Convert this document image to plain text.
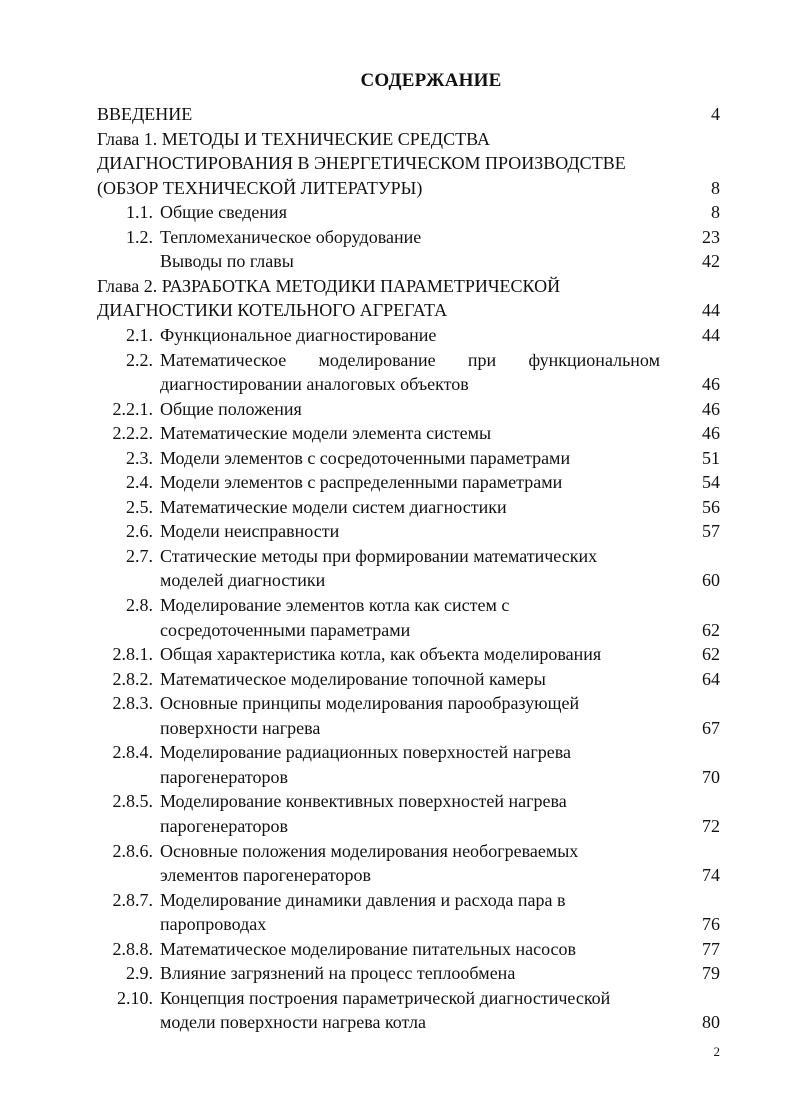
СОДЕРЖАНИЕ
ВВЕДЕНИЕ	4
Глава 1. МЕТОДЫ И ТЕХНИЧЕСКИЕ СРЕДСТВА
ДИАГНОСТИРОВАНИЯ В ЭНЕРГЕТИЧЕСКОМ ПРОИЗВОДСТВЕ
(ОБЗОР ТЕХНИЧЕСКОЙ ЛИТЕРАТУРЫ)	8
1.1. Общие сведения	8
1.2. Тепломеханическое оборудование	23
Выводы по главы	42
Глава 2. РАЗРАБОТКА МЕТОДИКИ ПАРАМЕТРИЧЕСКОЙ
ДИАГНОСТИКИ КОТЕЛЬНОГО АГРЕГАТА	44
2.1. Функциональное диагностирование	44
2.2. Математическое моделирование при функциональном
диагностировании аналоговых объектов	46
2.2.1. Общие положения	46
2.2.2. Математические модели элемента системы	46
2.3. Модели элементов с сосредоточенными параметрами	51
2.4. Модели элементов с распределенными параметрами	54
2.5. Математические модели систем диагностики	56
2.6. Модели неисправности	57
2.7. Статические методы при формировании математических
моделей диагностики	60
2.8. Моделирование элементов котла как систем с
сосредоточенными параметрами	62
2.8.1. Общая характеристика котла, как объекта моделирования	62
2.8.2. Математическое моделирование топочной камеры	64
2.8.3. Основные принципы моделирования парообразующей
поверхности нагрева	67
2.8.4. Моделирование радиационных поверхностей нагрева
парогенераторов	70
2.8.5. Моделирование конвективных поверхностей нагрева
парогенераторов	72
2.8.6. Основные положения моделирования необогреваемых
элементов парогенераторов	74
2.8.7. Моделирование динамики давления и расхода пара в
паропроводах	76
2.8.8. Математическое моделирование питательных насосов	77
2.9. Влияние загрязнений на процесс теплообмена	79
2.10. Концепция построения параметрической диагностической
модели поверхности нагрева котла	80
2
